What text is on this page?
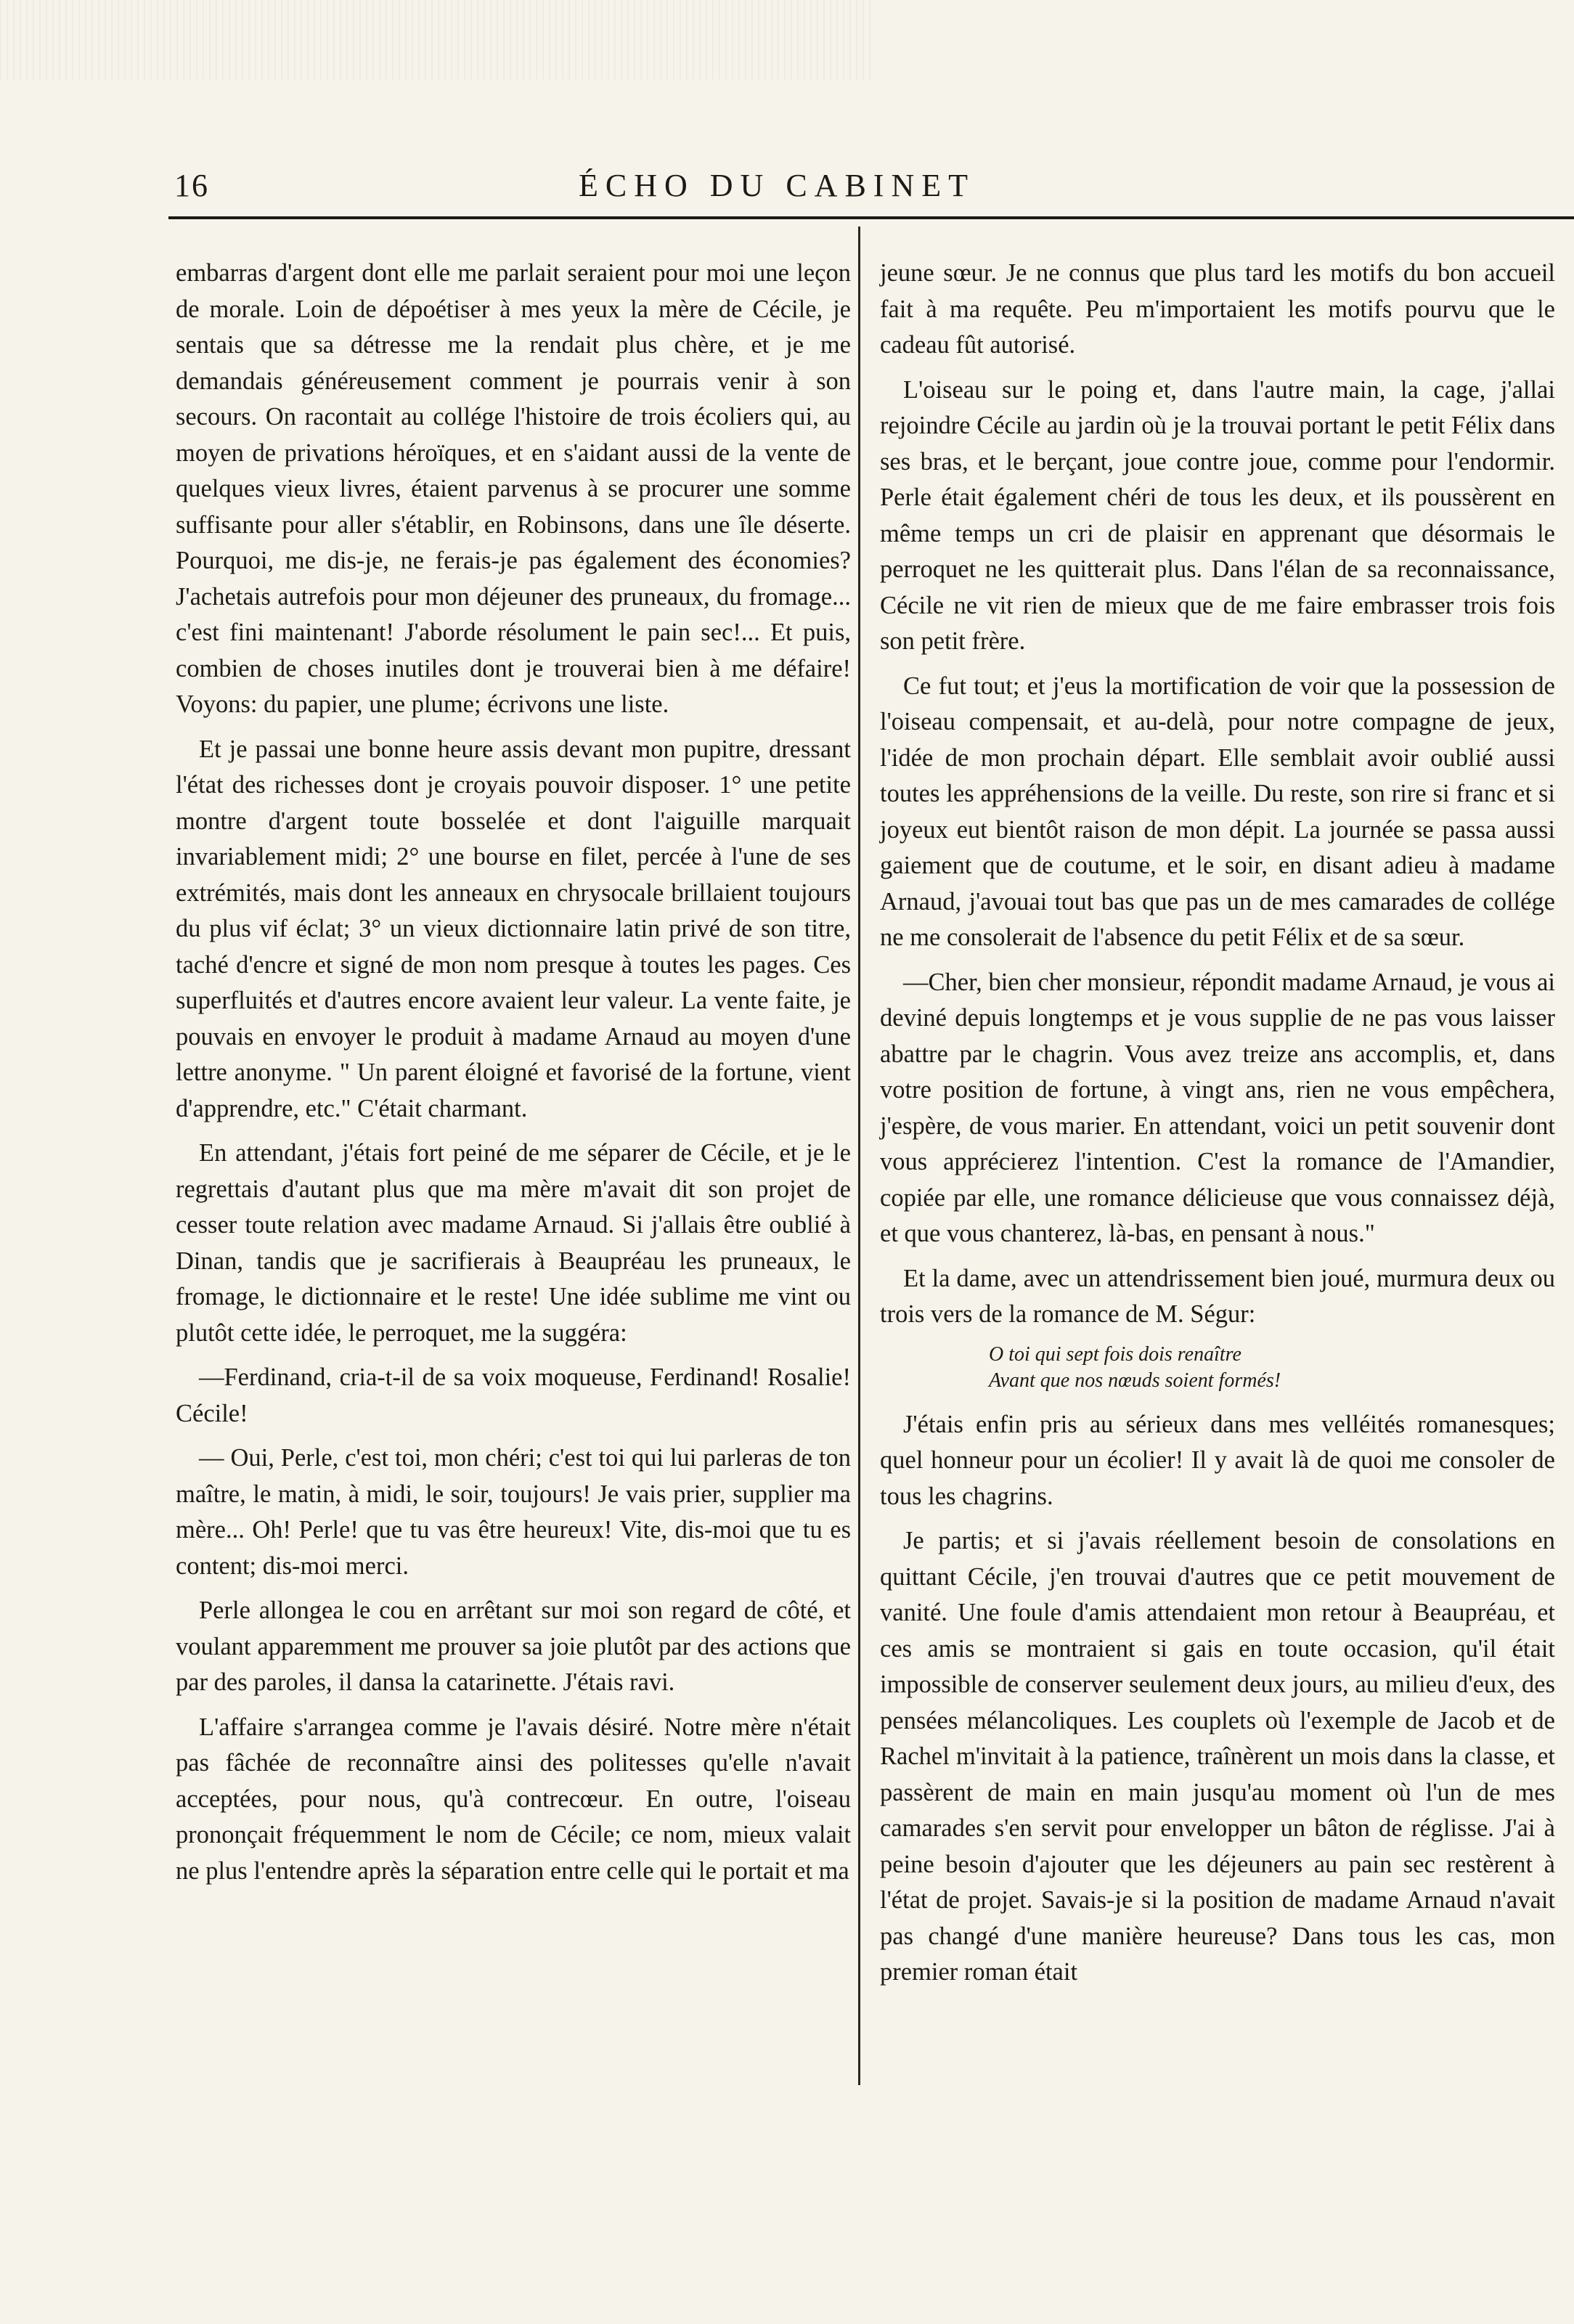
16	ÉCHO DU CABINET

embarras d'argent dont elle me parlait seraient pour moi une leçon de morale. Loin de dépoétiser à mes yeux la mère de Cécile, je sentais que sa détresse me la rendait plus chère, et je me demandais généreusement comment je pourrais venir à son secours. On racontait au collége l'histoire de trois écoliers qui, au moyen de privations héroïques, et en s'aidant aussi de la vente de quelques vieux livres, étaient parvenus à se procurer une somme suffisante pour aller s'établir, en Robinsons, dans une île déserte. Pourquoi, me dis-je, ne ferais-je pas également des économies? J'achetais autrefois pour mon déjeuner des pruneaux, du fromage... c'est fini maintenant! J'aborde résolument le pain sec!... Et puis, combien de choses inutiles dont je trouverai bien à me défaire! Voyons: du papier, une plume; écrivons une liste.

Et je passai une bonne heure assis devant mon pupitre, dressant l'état des richesses dont je croyais pouvoir disposer. 1° une petite montre d'argent toute bosselée et dont l'aiguille marquait invariablement midi; 2° une bourse en filet, percée à l'une de ses extrémités, mais dont les anneaux en chrysocale brillaient toujours du plus vif éclat; 3° un vieux dictionnaire latin privé de son titre, taché d'encre et signé de mon nom presque à toutes les pages. Ces superfluités et d'autres encore avaient leur valeur. La vente faite, je pouvais en envoyer le produit à madame Arnaud au moyen d'une lettre anonyme. " Un parent éloigné et favorisé de la fortune, vient d'apprendre, etc." C'était charmant.

En attendant, j'étais fort peiné de me séparer de Cécile, et je le regrettais d'autant plus que ma mère m'avait dit son projet de cesser toute relation avec madame Arnaud. Si j'allais être oublié à Dinan, tandis que je sacrifierais à Beaupréau les pruneaux, le fromage, le dictionnaire et le reste! Une idée sublime me vint ou plutôt cette idée, le perroquet, me la suggéra:

—Ferdinand, cria-t-il de sa voix moqueuse, Ferdinand! Rosalie! Cécile!

— Oui, Perle, c'est toi, mon chéri; c'est toi qui lui parleras de ton maître, le matin, à midi, le soir, toujours! Je vais prier, supplier ma mère... Oh! Perle! que tu vas être heureux! Vite, dis-moi que tu es content; dis-moi merci.

Perle allongea le cou en arrêtant sur moi son regard de côté, et voulant apparemment me prouver sa joie plutôt par des actions que par des paroles, il dansa la catarinette. J'étais ravi.

L'affaire s'arrangea comme je l'avais désiré. Notre mère n'était pas fâchée de reconnaître ainsi des politesses qu'elle n'avait acceptées, pour nous, qu'à contrecœur. En outre, l'oiseau prononçait fréquemment le nom de Cécile; ce nom, mieux valait ne plus l'entendre après la séparation entre celle qui le portait et ma

jeune sœur. Je ne connus que plus tard les motifs du bon accueil fait à ma requête. Peu m'importaient les motifs pourvu que le cadeau fût autorisé.

L'oiseau sur le poing et, dans l'autre main, la cage, j'allai rejoindre Cécile au jardin où je la trouvai portant le petit Félix dans ses bras, et le berçant, joue contre joue, comme pour l'endormir. Perle était également chéri de tous les deux, et ils poussèrent en même temps un cri de plaisir en apprenant que désormais le perroquet ne les quitterait plus. Dans l'élan de sa reconnaissance, Cécile ne vit rien de mieux que de me faire embrasser trois fois son petit frère.

Ce fut tout; et j'eus la mortification de voir que la possession de l'oiseau compensait, et au-delà, pour notre compagne de jeux, l'idée de mon prochain départ. Elle semblait avoir oublié aussi toutes les appréhensions de la veille. Du reste, son rire si franc et si joyeux eut bientôt raison de mon dépit. La journée se passa aussi gaiement que de coutume, et le soir, en disant adieu à madame Arnaud, j'avouai tout bas que pas un de mes camarades de collége ne me consolerait de l'absence du petit Félix et de sa sœur.

—Cher, bien cher monsieur, répondit madame Arnaud, je vous ai deviné depuis longtemps et je vous supplie de ne pas vous laisser abattre par le chagrin. Vous avez treize ans accomplis, et, dans votre position de fortune, à vingt ans, rien ne vous empêchera, j'espère, de vous marier. En attendant, voici un petit souvenir dont vous apprécierez l'intention. C'est la romance de l'Amandier, copiée par elle, une romance délicieuse que vous connaissez déjà, et que vous chanterez, là-bas, en pensant à nous."

Et la dame, avec un attendrissement bien joué, murmura deux ou trois vers de la romance de M. Ségur:

O toi qui sept fois dois renaître
Avant que nos nœuds soient formés!

J'étais enfin pris au sérieux dans mes velléités romanesques; quel honneur pour un écolier! Il y avait là de quoi me consoler de tous les chagrins.

Je partis; et si j'avais réellement besoin de consolations en quittant Cécile, j'en trouvai d'autres que ce petit mouvement de vanité. Une foule d'amis attendaient mon retour à Beaupréau, et ces amis se montraient si gais en toute occasion, qu'il était impossible de conserver seulement deux jours, au milieu d'eux, des pensées mélancoliques. Les couplets où l'exemple de Jacob et de Rachel m'invitait à la patience, traînèrent un mois dans la classe, et passèrent de main en main jusqu'au moment où l'un de mes camarades s'en servit pour envelopper un bâton de réglisse. J'ai à peine besoin d'ajouter que les déjeuners au pain sec restèrent à l'état de projet. Savais-je si la position de madame Arnaud n'avait pas changé d'une manière heureuse? Dans tous les cas, mon premier roman était
